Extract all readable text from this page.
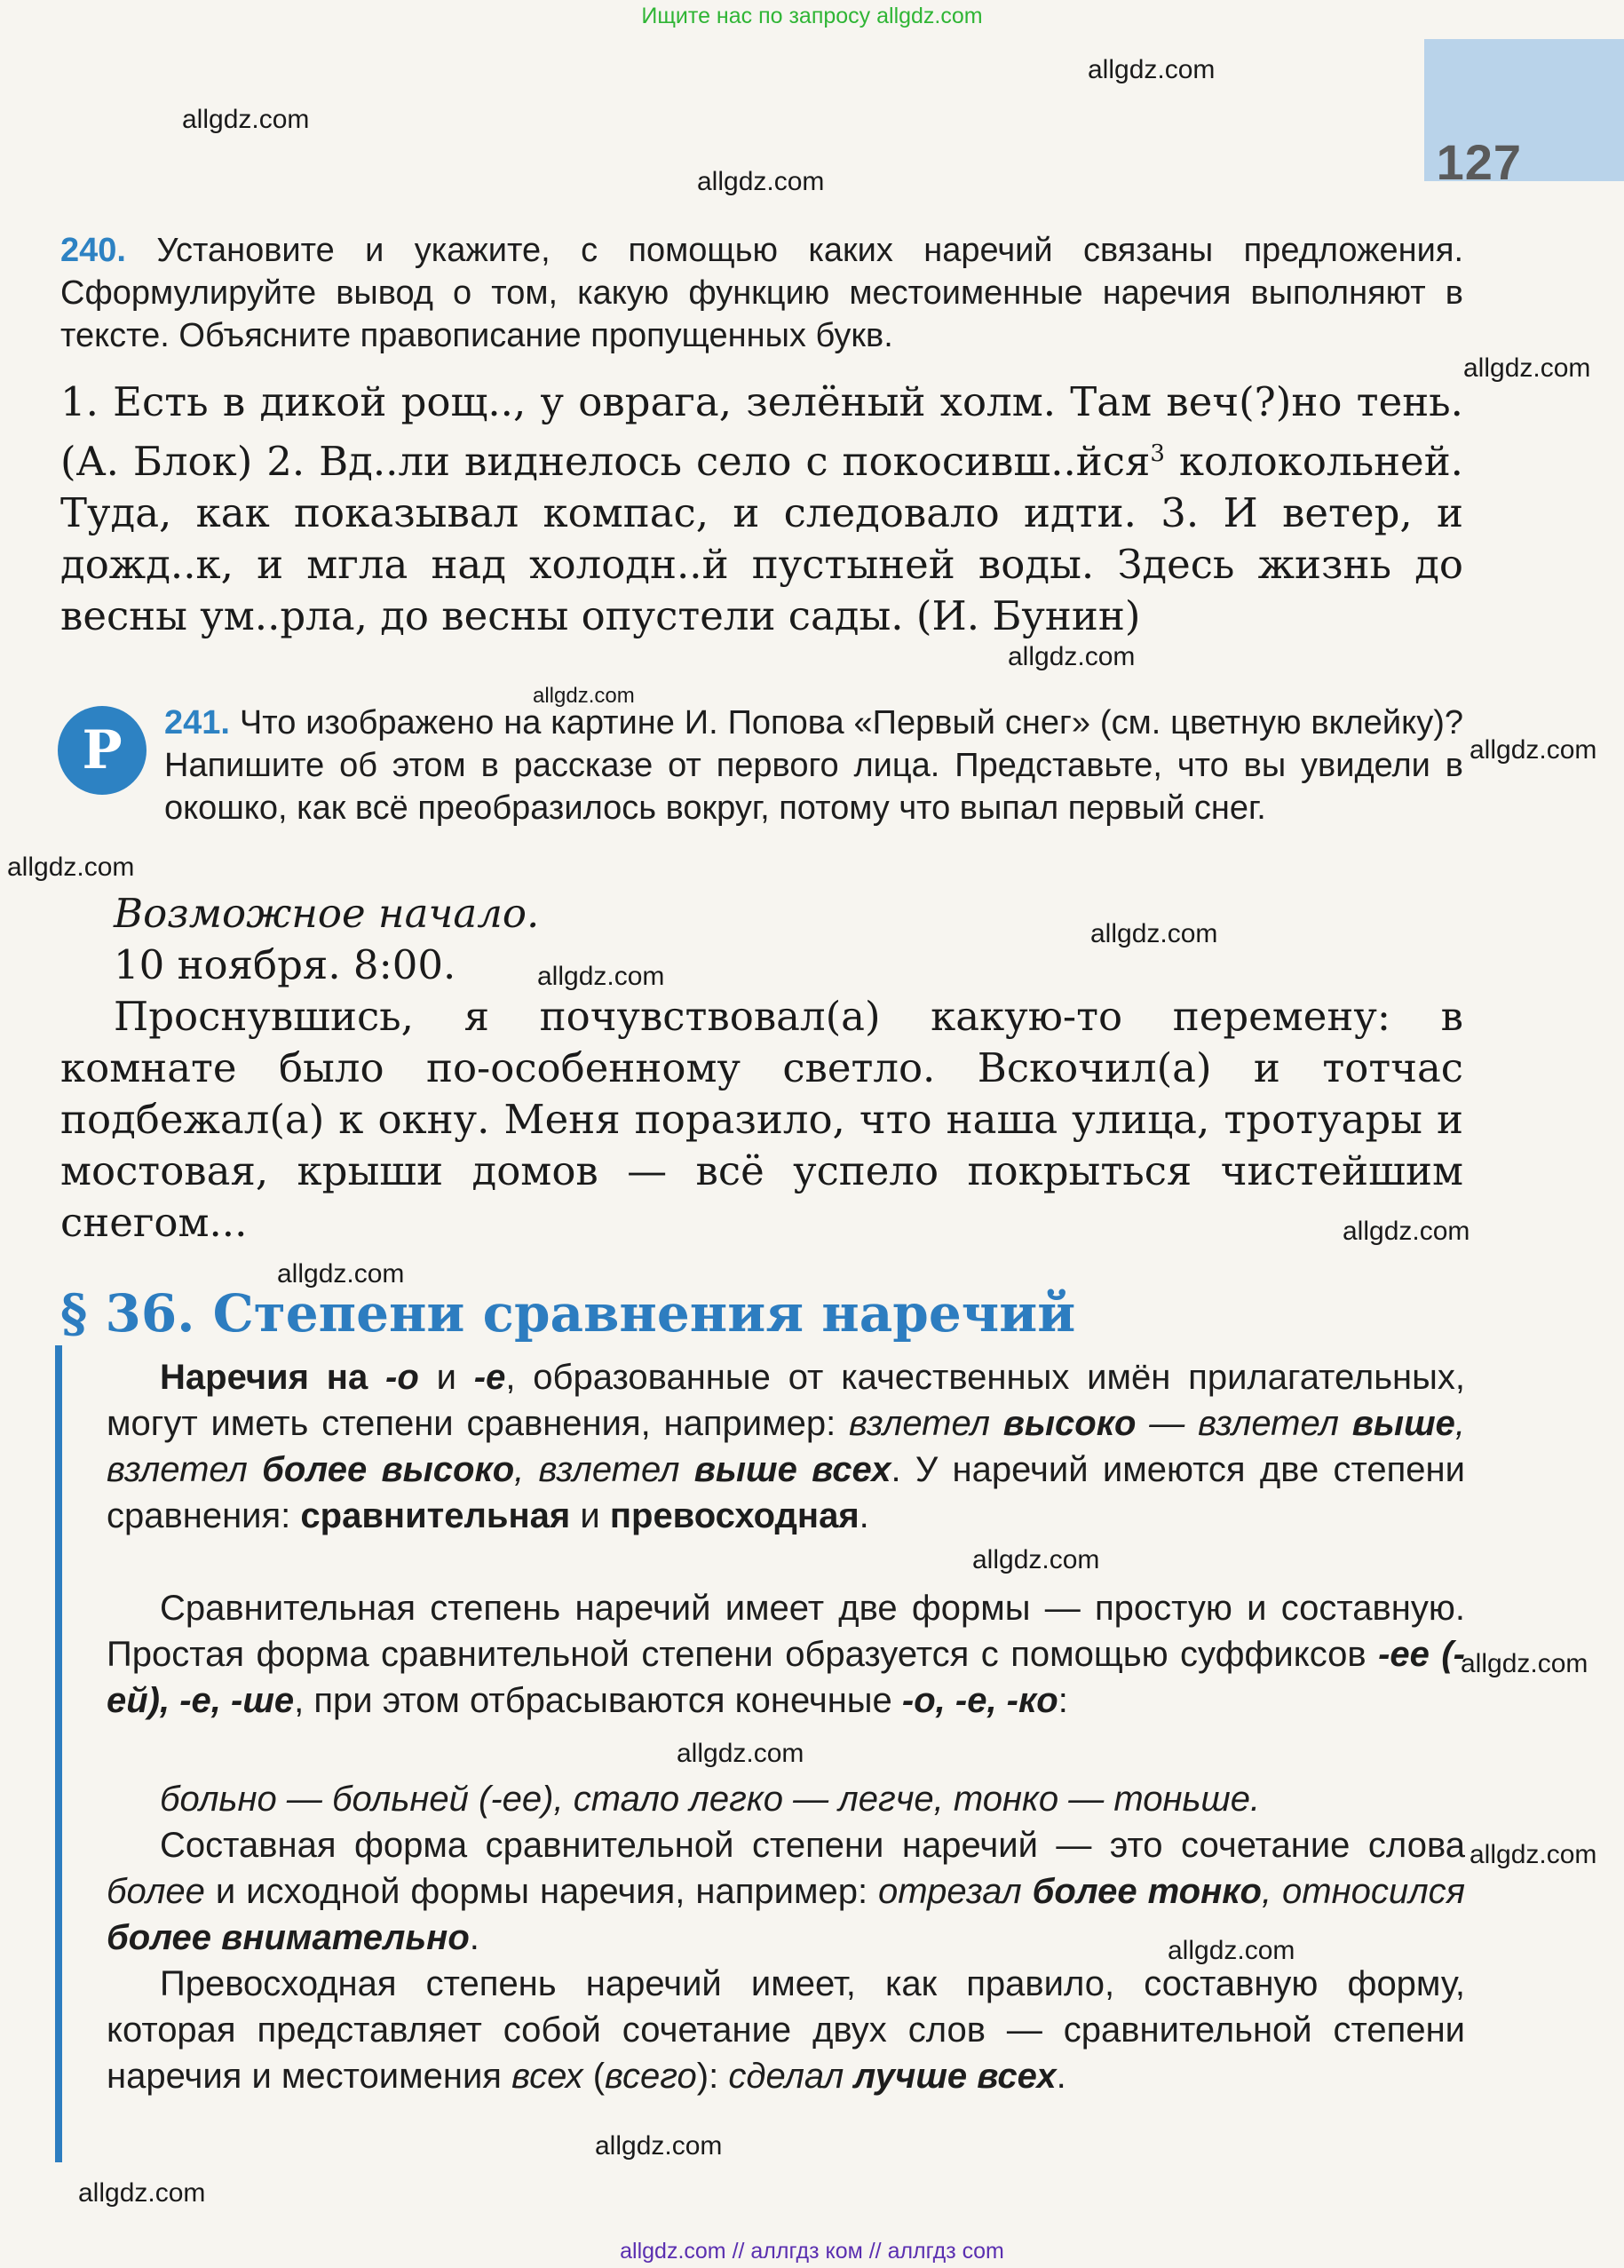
Ищите нас по запросу allgdz.com
127
allgdz.com
allgdz.com
allgdz.com
allgdz.com
allgdz.com
allgdz.com
allgdz.com
allgdz.com
allgdz.com
allgdz.com
allgdz.com
allgdz.com
allgdz.com
allgdz.com
allgdz.com
allgdz.com
allgdz.com
allgdz.com
allgdz.com
240. Установите и укажите, с помощью каких наречий связаны предложения. Сформулируйте вывод о том, какую функцию местоименные наречия выполняют в тексте. Объясните правописание пропущенных букв.
1. Есть в дикой рощ.., у оврага, зелёный холм. Там веч(?)но тень. (А. Блок) 2. Вд..ли виднелось село с покосивш..йся$^3$ колокольней. Туда, как показывал компас, и следовало идти. 3. И ветер, и дожд..к, и мгла над холодн..й пустыней воды. Здесь жизнь до весны ум..рла, до весны опустели сады. (И. Бунин)
Р	241. Что изображено на картине И. Попова «Первый снег» (см. цветную вклейку)? Напишите об этом в рассказе от первого лица. Представьте, что вы увидели в окошко, как всё преобразилось вокруг, потому что выпал первый снег.
Возможное начало.
10 ноября. 8:00.
Проснувшись, я почувствовал(а) какую-то перемену: в комнате было по-особенному светло. Вскочил(а) и тотчас подбежал(а) к окну. Меня поразило, что наша улица, тротуары и мостовая, крыши домов — всё успело покрыться чистейшим снегом...
§ 36. Степени сравнения наречий
Наречия на -о и -е, образованные от качественных имён прилагательных, могут иметь степени сравнения, например: взлетел высоко — взлетел выше, взлетел более высоко, взлетел выше всех. У наречий имеются две степени сравнения: сравнительная и превосходная.
Сравнительная степень наречий имеет две формы — простую и составную. Простая форма сравнительной степени образуется с помощью суффиксов -ее (-ей), -е, -ше, при этом отбрасываются конечные -о, -е, -ко:
больно — больней (-ее), стало легко — легче, тонко — тоньше.
Составная форма сравнительной степени наречий — это сочетание слова более и исходной формы наречия, например: отрезал более тонко, относился более внимательно.
Превосходная степень наречий имеет, как правило, составную форму, которая представляет собой сочетание двух слов — сравнительной степени наречия и местоимения всех (всего): сделал лучше всех.
allgdz.com // аллгдз ком // аллгдз com
